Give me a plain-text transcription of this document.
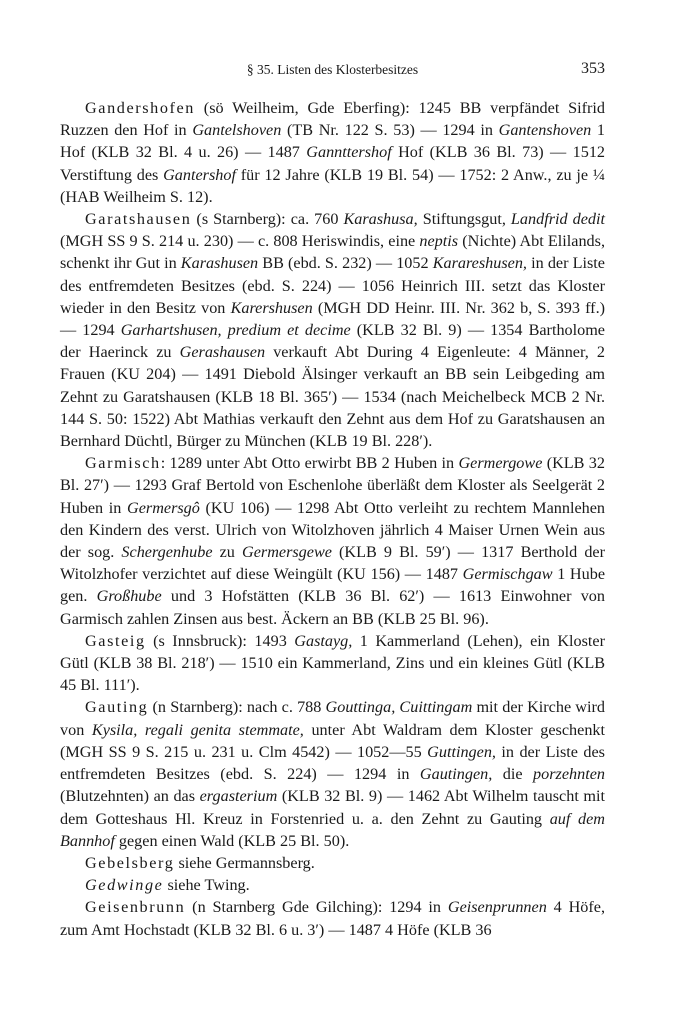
§ 35. Listen des Klosterbesitzes	353

Gandershofen (sö Weilheim, Gde Eberfing): 1245 BB verpfändet Sifrid Ruzzen den Hof in Gantelshoven (TB Nr. 122 S. 53) — 1294 in Gantenshoven 1 Hof (KLB 32 Bl. 4 u. 26) — 1487 Gannttershof Hof (KLB 36 Bl. 73) — 1512 Verstiftung des Gantershof für 12 Jahre (KLB 19 Bl. 54) — 1752: 2 Anw., zu je ¼ (HAB Weilheim S. 12).

Garatshausen (s Starnberg): ca. 760 Karashusa, Stiftungsgut, Landfrid dedit (MGH SS 9 S. 214 u. 230) — c. 808 Heriswindis, eine neptis (Nichte) Abt Elilands, schenkt ihr Gut in Karashusen BB (ebd. S. 232) — 1052 Karareshusen, in der Liste des entfremdeten Besitzes (ebd. S. 224) — 1056 Heinrich III. setzt das Kloster wieder in den Besitz von Karershusen (MGH DD Heinr. III. Nr. 362 b, S. 393 ff.) — 1294 Garhartshusen, predium et decime (KLB 32 Bl. 9) — 1354 Bartholome der Haerinck zu Gerashausen verkauft Abt During 4 Eigenleute: 4 Männer, 2 Frauen (KU 204) — 1491 Diebold Älsinger verkauft an BB sein Leibgeding am Zehnt zu Garatshausen (KLB 18 Bl. 365′) — 1534 (nach Meichelbeck MCB 2 Nr. 144 S. 50: 1522) Abt Mathias verkauft den Zehnt aus dem Hof zu Garatshausen an Bernhard Düchtl, Bürger zu München (KLB 19 Bl. 228′).

Garmisch: 1289 unter Abt Otto erwirbt BB 2 Huben in Germergowe (KLB 32 Bl. 27′) — 1293 Graf Bertold von Eschenlohe überläßt dem Kloster als Seelgerät 2 Huben in Germersgô (KU 106) — 1298 Abt Otto verleiht zu rechtem Mannlehen den Kindern des verst. Ulrich von Witolzhoven jährlich 4 Maiser Urnen Wein aus der sog. Schergenhube zu Germersgewe (KLB 9 Bl. 59′) — 1317 Berthold der Witolzhofer verzichtet auf diese Weingült (KU 156) — 1487 Germischgaw 1 Hube gen. Großhube und 3 Hofstätten (KLB 36 Bl. 62′) — 1613 Einwohner von Garmisch zahlen Zinsen aus best. Äckern an BB (KLB 25 Bl. 96).

Gasteig (s Innsbruck): 1493 Gastayg, 1 Kammerland (Lehen), ein Kloster Gütl (KLB 38 Bl. 218′) — 1510 ein Kammerland, Zins und ein kleines Gütl (KLB 45 Bl. 111′).

Gauting (n Starnberg): nach c. 788 Gouttinga, Cuittingam mit der Kirche wird von Kysila, regali genita stemmate, unter Abt Waldram dem Kloster geschenkt (MGH SS 9 S. 215 u. 231 u. Clm 4542) — 1052—55 Guttingen, in der Liste des entfremdeten Besitzes (ebd. S. 224) — 1294 in Gautingen, die porzehnten (Blutzehnten) an das ergasterium (KLB 32 Bl. 9) — 1462 Abt Wilhelm tauscht mit dem Gotteshaus Hl. Kreuz in Forstenried u. a. den Zehnt zu Gauting auf dem Bannhof gegen einen Wald (KLB 25 Bl. 50).

Gebelsberg siehe Germannsberg.

Gedwinge siehe Twing.

Geisenbrunn (n Starnberg Gde Gilching): 1294 in Geisenprunnen 4 Höfe, zum Amt Hochstadt (KLB 32 Bl. 6 u. 3′) — 1487 4 Höfe (KLB 36
